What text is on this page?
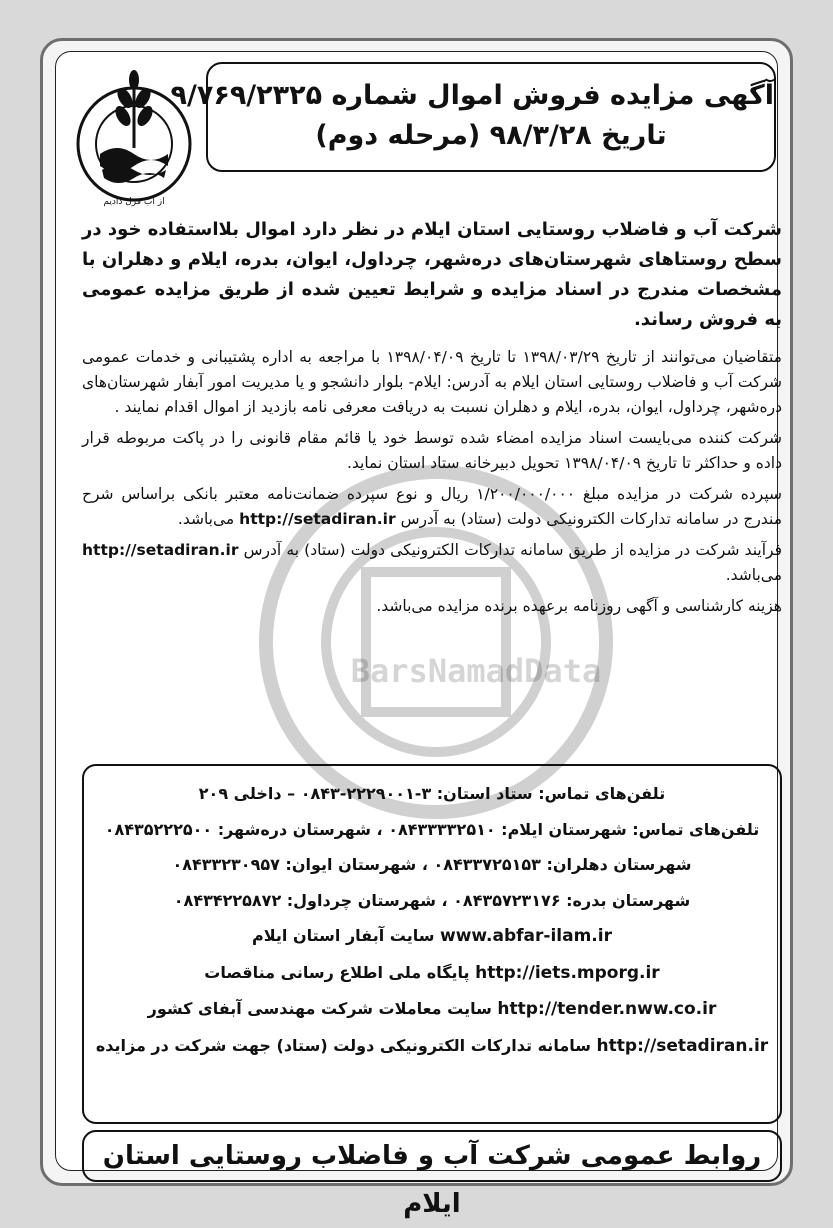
از آب قزل دادیم
آگهی مزایده فروش اموال شماره ۹/۷۶۹/۲۳۲۵
تاریخ ۹۸/۳/۲۸ (مرحله دوم)
BarsNamadData

شرکت آب و فاضلاب روستایی استان ایلام در نظر دارد اموال بلااستفاده خود در سطح روستاهای شهرستان‌های دره‌شهر، چرداول، ایوان، بدره، ایلام و دهلران با مشخصات مندرج در اسناد مزایده و شرایط تعیین شده از طریق مزایده عمومی به فروش رساند.

متقاضیان می‌توانند از تاریخ ۱۳۹۸/۰۳/۲۹ تا تاریخ ۱۳۹۸/۰۴/۰۹ با مراجعه به اداره پشتیبانی و خدمات عمومی شرکت آب و فاضلاب روستایی استان ایلام به آدرس: ایلام- بلوار دانشجو و یا مدیریت امور آبفار شهرستان‌های دره‌شهر، چرداول، ایوان، بدره، ایلام و دهلران نسبت به دریافت معرفی نامه بازدید از اموال اقدام نمایند .

شرکت کننده می‌بایست اسناد مزایده امضاء شده توسط خود یا قائم مقام قانونی را در پاکت مربوطه قرار داده و حداکثر تا تاریخ ۱۳۹۸/۰۴/۰۹ تحویل دبیرخانه ستاد استان نماید.

سپرده شرکت در مزایده مبلغ ۱/۲۰۰/۰۰۰/۰۰۰ ریال و نوع سپرده ضمانت‌نامه معتبر بانکی براساس شرح مندرج در سامانه تدارکات الکترونیکی دولت (ستاد) به آدرس http://setadiran.ir می‌باشد.

فرآیند شرکت در مزایده از طریق سامانه تدارکات الکترونیکی دولت (ستاد) به آدرس http://setadiran.ir می‌باشد.

هزینه کارشناسی و آگهی روزنامه برعهده برنده مزایده می‌باشد.

تلفن‌های تماس: ستاد استان: ۳-۲۲۲۹۰۰۱-۰۸۴۳ – داخلی ۲۰۹
تلفن‌های تماس: شهرستان ایلام: ۰۸۴۳۳۳۳۲۵۱۰ ، شهرستان دره‌شهر: ۰۸۴۳۵۲۲۲۵۰۰
شهرستان دهلران: ۰۸۴۳۳۷۲۵۱۵۳ ، شهرستان ایوان: ۰۸۴۳۳۲۳۰۹۵۷
شهرستان بدره: ۰۸۴۳۵۷۲۳۱۷۶ ، شهرستان چرداول: ۰۸۴۳۴۲۲۵۸۷۲
www.abfar-ilam.ir سایت آبفار استان ایلام
http://iets.mporg.ir پایگاه ملی اطلاع رسانی مناقصات
http://tender.nww.co.ir سایت معاملات شرکت مهندسی آبفای کشور
http://setadiran.ir سامانه تدارکات الکترونیکی دولت (ستاد) جهت شرکت در مزایده
روابط عمومی شرکت آب و فاضلاب روستایی استان ایلام
